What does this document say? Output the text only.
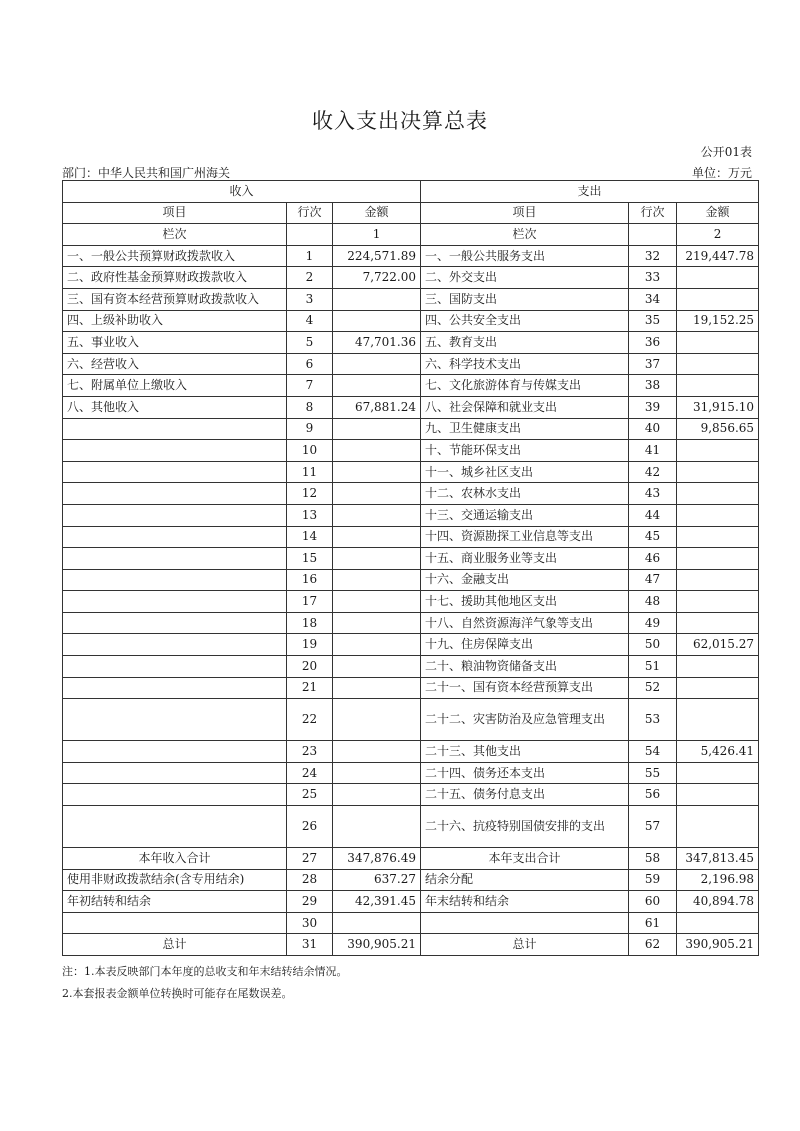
收入支出决算总表
公开01表
部门：中华人民共和国广州海关	单位：万元
收入			支出		
项目	行次	金额	项目	行次	金额
栏次		1	栏次		2
一、一般公共预算财政拨款收入	1	224,571.89	一、一般公共服务支出	32	219,447.78
二、政府性基金预算财政拨款收入	2	7,722.00	二、外交支出	33	
三、国有资本经营预算财政拨款收入	3		三、国防支出	34	
四、上级补助收入	4		四、公共安全支出	35	19,152.25
五、事业收入	5	47,701.36	五、教育支出	36	
六、经营收入	6		六、科学技术支出	37	
七、附属单位上缴收入	7		七、文化旅游体育与传媒支出	38	
八、其他收入	8	67,881.24	八、社会保障和就业支出	39	31,915.10
	9		九、卫生健康支出	40	9,856.65
	10		十、节能环保支出	41	
	11		十一、城乡社区支出	42	
	12		十二、农林水支出	43	
	13		十三、交通运输支出	44	
	14		十四、资源勘探工业信息等支出	45	
	15		十五、商业服务业等支出	46	
	16		十六、金融支出	47	
	17		十七、援助其他地区支出	48	
	18		十八、自然资源海洋气象等支出	49	
	19		十九、住房保障支出	50	62,015.27
	20		二十、粮油物资储备支出	51	
	21		二十一、国有资本经营预算支出	52	
	22		二十二、灾害防治及应急管理支出	53	
	23		二十三、其他支出	54	5,426.41
	24		二十四、债务还本支出	55	
	25		二十五、债务付息支出	56	
	26		二十六、抗疫特别国债安排的支出	57	
本年收入合计	27	347,876.49	本年支出合计	58	347,813.45
使用非财政拨款结余(含专用结余)	28	637.27	结余分配	59	2,196.98
年初结转和结余	29	42,391.45	年末结转和结余	60	40,894.78
	30			61	
总计	31	390,905.21	总计	62	390,905.21
注：1.本表反映部门本年度的总收支和年末结转结余情况。
2.本套报表金额单位转换时可能存在尾数误差。
